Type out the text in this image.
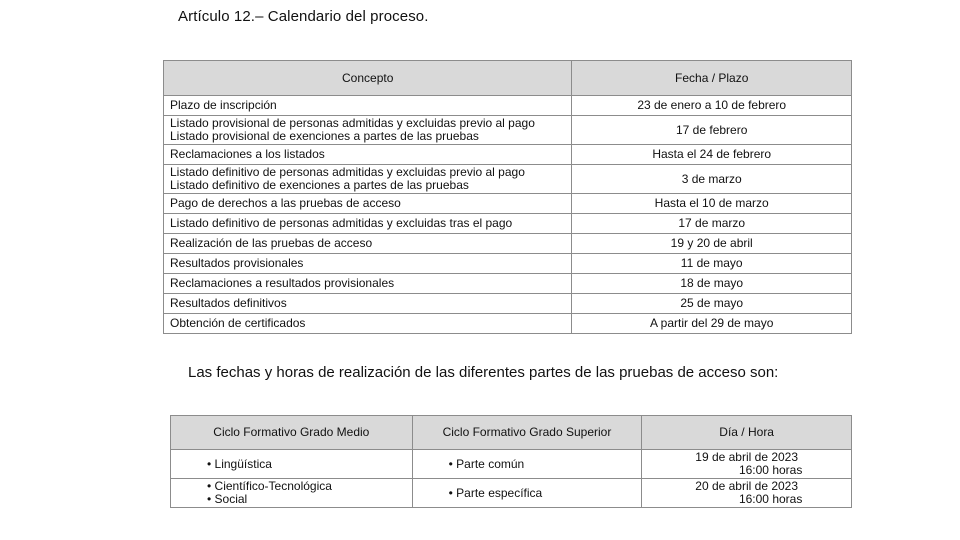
Artículo 12.– Calendario del proceso.
Concepto	Fecha / Plazo

Plazo de inscripción	23 de enero a 10 de febrero

Listado provisional de personas admitidas y excluidas previo al pago
Listado provisional de exenciones a partes de las pruebas	17 de febrero

Reclamaciones a los listados	Hasta el 24 de febrero

Listado definitivo de personas admitidas y excluidas previo al pago
Listado definitivo de exenciones a partes de las pruebas	3 de marzo

Pago de derechos a las pruebas de acceso	Hasta el 10 de marzo

Listado definitivo de personas admitidas y excluidas tras el pago	17 de marzo

Realización de las pruebas de acceso	19 y 20 de abril

Resultados provisionales	11 de mayo

Reclamaciones a resultados provisionales	18 de mayo

Resultados definitivos	25 de mayo

Obtención de certificados	A partir del 29 de mayo
Las fechas y horas de realización de las diferentes partes de las pruebas de acceso son:
Ciclo Formativo Grado Medio	Ciclo Formativo Grado Superior	Día / Hora

• Lingüística	• Parte común	19 de abril de 2023
16:00 horas

• Científico-Tecnológica
• Social	• Parte específica	20 de abril de 2023
16:00 horas
